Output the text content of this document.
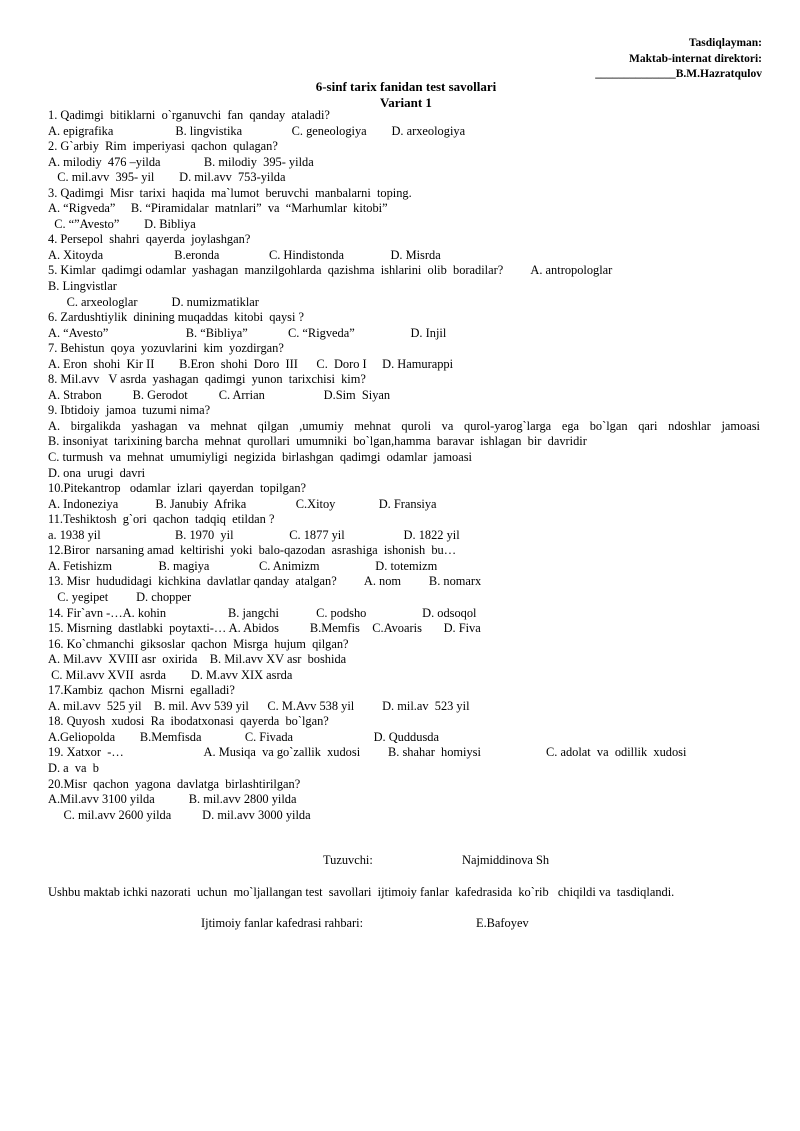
Tasdiqlayman:
Maktab-internat direktori:
______________B.M.Hazratqulov
6-sinf tarix fanidan test savollari
Variant 1
1. Qadimgi  bitiklarni  o`rganuvchi  fan  qanday  ataladi?
A. epigrafika                    B. lingvistika                C. geneologiya        D. arxeologiya
2. G`arbiy  Rim  imperiyasi  qachon  qulagan?
A. milodiy  476 –yilda              B. milodiy  395- yilda
C. mil.avv  395- yil        D. mil.avv  753-yilda
3. Qadimgi  Misr  tarixi  haqida  ma`lumot  beruvchi  manbalarni  toping.
A. “Rigveda”     B. “Piramidalar  matnlari”  va  “Marhumlar  kitobi”
C. “”Avesto”        D. Bibliya
4. Persepol  shahri  qayerda  joylashgan?
A. Xitoyda                       B.eronda                C. Hindistonda               D. Misrda
5. Kimlar  qadimgi odamlar  yashagan  manzilgohlarda  qazishma  ishlarini  olib  boradilar?         A. antropologlar
B. Lingvistlar
C. arxeologlar           D. numizmatiklar
6. Zardushtiylik  dinining muqaddas  kitobi  qaysi ?
A. “Avesto”                         B. “Bibliya”             C. “Rigveda”                  D. Injil
7. Behistun  qoya  yozuvlarini  kim  yozdirgan?
A. Eron  shohi  Kir II        B.Eron  shohi  Doro  III      C.  Doro I     D. Hamurappi
8. Mil.avv   V asrda  yashagan  qadimgi  yunon  tarixchisi  kim?
A. Strabon          B. Gerodot          C. Arrian                   D.Sim  Siyan
9. Ibtidoiy  jamoa  tuzumi nima?
A. birgalikda yashagan va mehnat qilgan ,umumiy mehnat quroli va qurol-yarog`larga ega bo`lgan qari ndoshlar jamoasi
B. insoniyat  tarixining barcha  mehnat  qurollari  umumniki  bo`lgan,hamma  baravar  ishlagan  bir  davridir
C. turmush  va  mehnat  umumiyligi  negizida  birlashgan  qadimgi  odamlar  jamoasi
D. ona  urugi  davri
10.Pitekantrop   odamlar  izlari  qayerdan  topilgan?
A. Indoneziya            B. Janubiy  Afrika                C.Xitoy              D. Fransiya
11.Teshiktosh  g`ori  qachon  tadqiq  etildan ?
a. 1938 yil                        B. 1970  yil                  C. 1877 yil                   D. 1822 yil
12.Biror  narsaning amad  keltirishi  yoki  balo-qazodan  asrashiga  ishonish  bu…
A. Fetishizm               B. magiya                C. Animizm                  D. totemizm
13. Misr  hududidagi  kichkina  davlatlar qanday  atalgan?         A. nom         B. nomarx
C. yegipet         D. chopper
14. Fir`avn -…A. kohin                    B. jangchi            C. podsho                  D. odsoqol
15. Misrning  dastlabki  poytaxti-… A. Abidos          B.Memfis    C.Avoaris       D. Fiva
16. Ko`chmanchi  giksoslar  qachon  Misrga  hujum  qilgan?
A. Mil.avv  XVIII asr  oxirida    B. Mil.avv XV asr  boshida
C. Mil.avv XVII  asrda        D. M.avv XIX asrda
17.Kambiz  qachon  Misrni  egalladi?
A. mil.avv  525 yil    B. mil. Avv 539 yil      C. M.Avv 538 yil         D. mil.av  523 yil
18. Quyosh  xudosi  Ra  ibodatxonasi  qayerda  bo`lgan?
A.Geliopolda        B.Memfisda              C. Fivada                          D. Quddusda
19. Xatxor  -…                          A. Musiqa  va go`zallik  xudosi         B. shahar  homiysi                     C. adolat  va  odillik  xudosi
D. a  va  b
20.Misr  qachon  yagona  davlatga  birlashtirilgan?
A.Mil.avv 3100 yilda           B. mil.avv 2800 yilda
C. mil.avv 2600 yilda          D. mil.avv 3000 yilda
Tuzuvchi:	Najmiddinova Sh
Ushbu maktab ichki nazorati  uchun  mo`ljallangan test  savollari  ijtimoiy fanlar  kafedrasida  ko`rib   chiqildi va  tasdiqlandi.
Ijtimoiy fanlar kafedrasi rahbari:	E.Bafoyev
